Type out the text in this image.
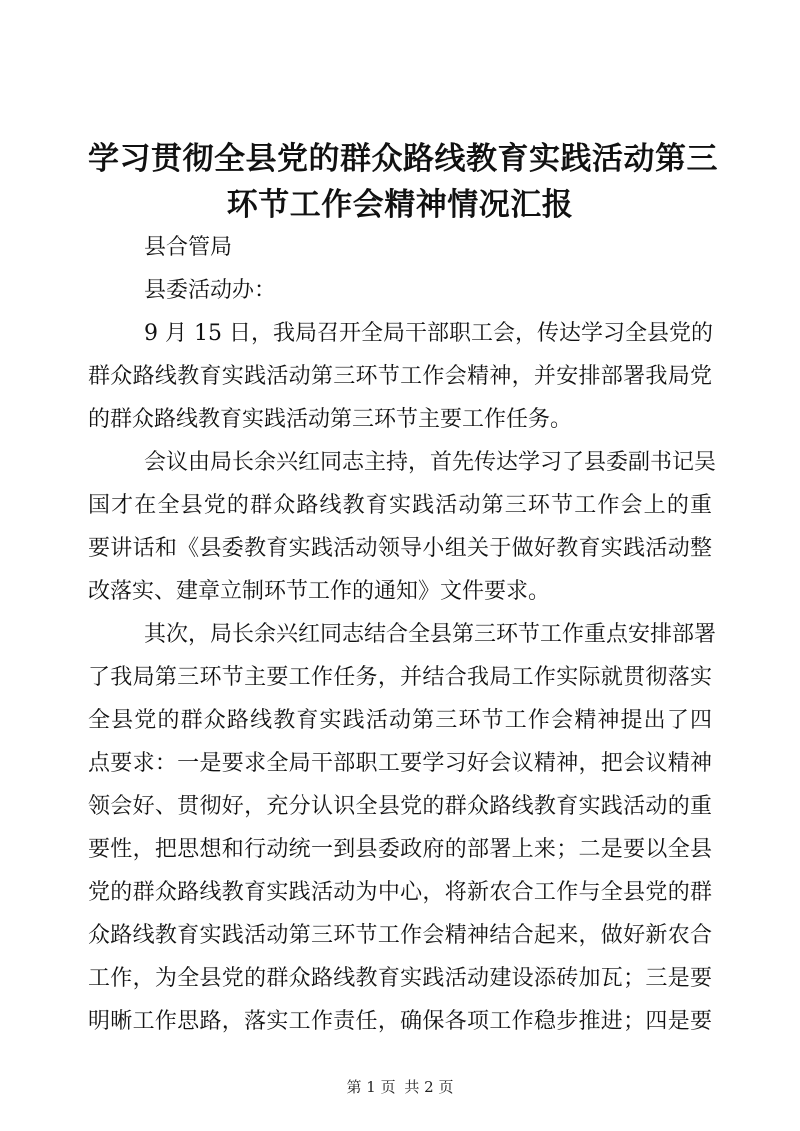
学习贯彻全县党的群众路线教育实践活动第三
环节工作会精神情况汇报
县合管局
县委活动办：
9 月 15 日，我局召开全局干部职工会，传达学习全县党的
群众路线教育实践活动第三环节工作会精神，并安排部署我局党
的群众路线教育实践活动第三环节主要工作任务。
会议由局长余兴红同志主持，首先传达学习了县委副书记吴
国才在全县党的群众路线教育实践活动第三环节工作会上的重
要讲话和《县委教育实践活动领导小组关于做好教育实践活动整
改落实、建章立制环节工作的通知》文件要求。
其次，局长余兴红同志结合全县第三环节工作重点安排部署
了我局第三环节主要工作任务，并结合我局工作实际就贯彻落实
全县党的群众路线教育实践活动第三环节工作会精神提出了四
点要求：一是要求全局干部职工要学习好会议精神，把会议精神
领会好、贯彻好，充分认识全县党的群众路线教育实践活动的重
要性，把思想和行动统一到县委政府的部署上来；二是要以全县
党的群众路线教育实践活动为中心，将新农合工作与全县党的群
众路线教育实践活动第三环节工作会精神结合起来，做好新农合
工作，为全县党的群众路线教育实践活动建设添砖加瓦；三是要
明晰工作思路，落实工作责任，确保各项工作稳步推进；四是要
第 1 页 共 2 页
